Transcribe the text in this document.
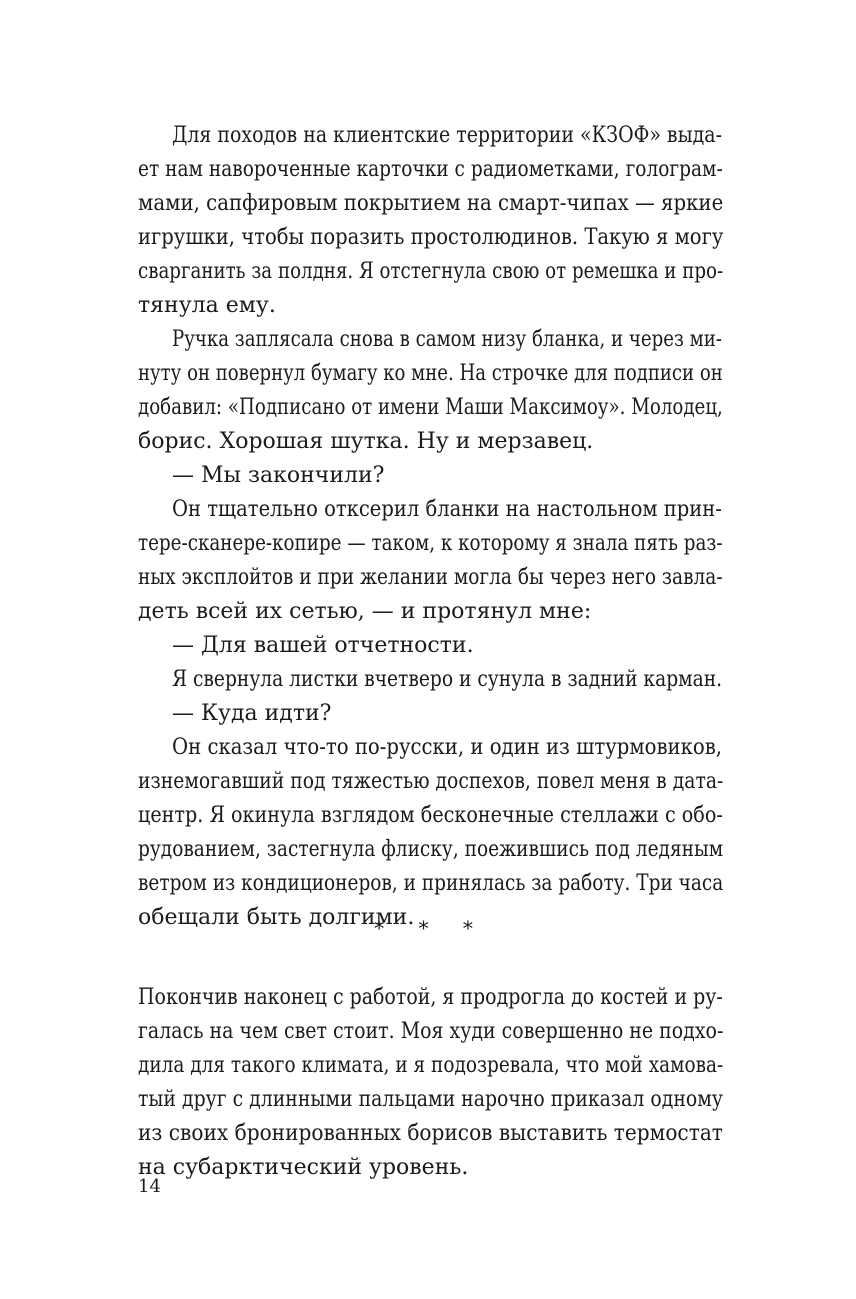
Для походов на клиентские территории «КЗОФ» выда-
ет нам навороченные карточки с радиометками, голограм-
мами, сапфировым покрытием на смарт-чипах — яркие
игрушки, чтобы поразить простолюдинов. Такую я могу
сварганить за полдня. Я отстегнула свою от ремешка и про-
тянула ему.
Ручка заплясала снова в самом низу бланка, и через ми-
нуту он повернул бумагу ко мне. На строчке для подписи он
добавил: «Подписано от имени Маши Максимоу». Молодец,
борис. Хорошая шутка. Ну и мерзавец.
— Мы закончили?
Он тщательно отксерил бланки на настольном прин-
тере-сканере-копире — таком, к которому я знала пять раз-
ных эксплойтов и при желании могла бы через него завла-
деть всей их сетью, — и протянул мне:
— Для вашей отчетности.
Я свернула листки вчетверо и сунула в задний карман.
— Куда идти?
Он сказал что-то по-русски, и один из штурмовиков,
изнемогавший под тяжестью доспехов, повел меня в дата-
центр. Я окинула взглядом бесконечные стеллажи с обо-
рудованием, застегнула флиску, поежившись под ледяным
ветром из кондиционеров, и принялась за работу. Три часа
обещали быть долгими.
* * *
Покончив наконец с работой, я продрогла до костей и ру-
галась на чем свет стоит. Моя худи совершенно не подхо-
дила для такого климата, и я подозревала, что мой хамова-
тый друг с длинными пальцами нарочно приказал одному
из своих бронированных борисов выставить термостат
на субарктический уровень.
14
